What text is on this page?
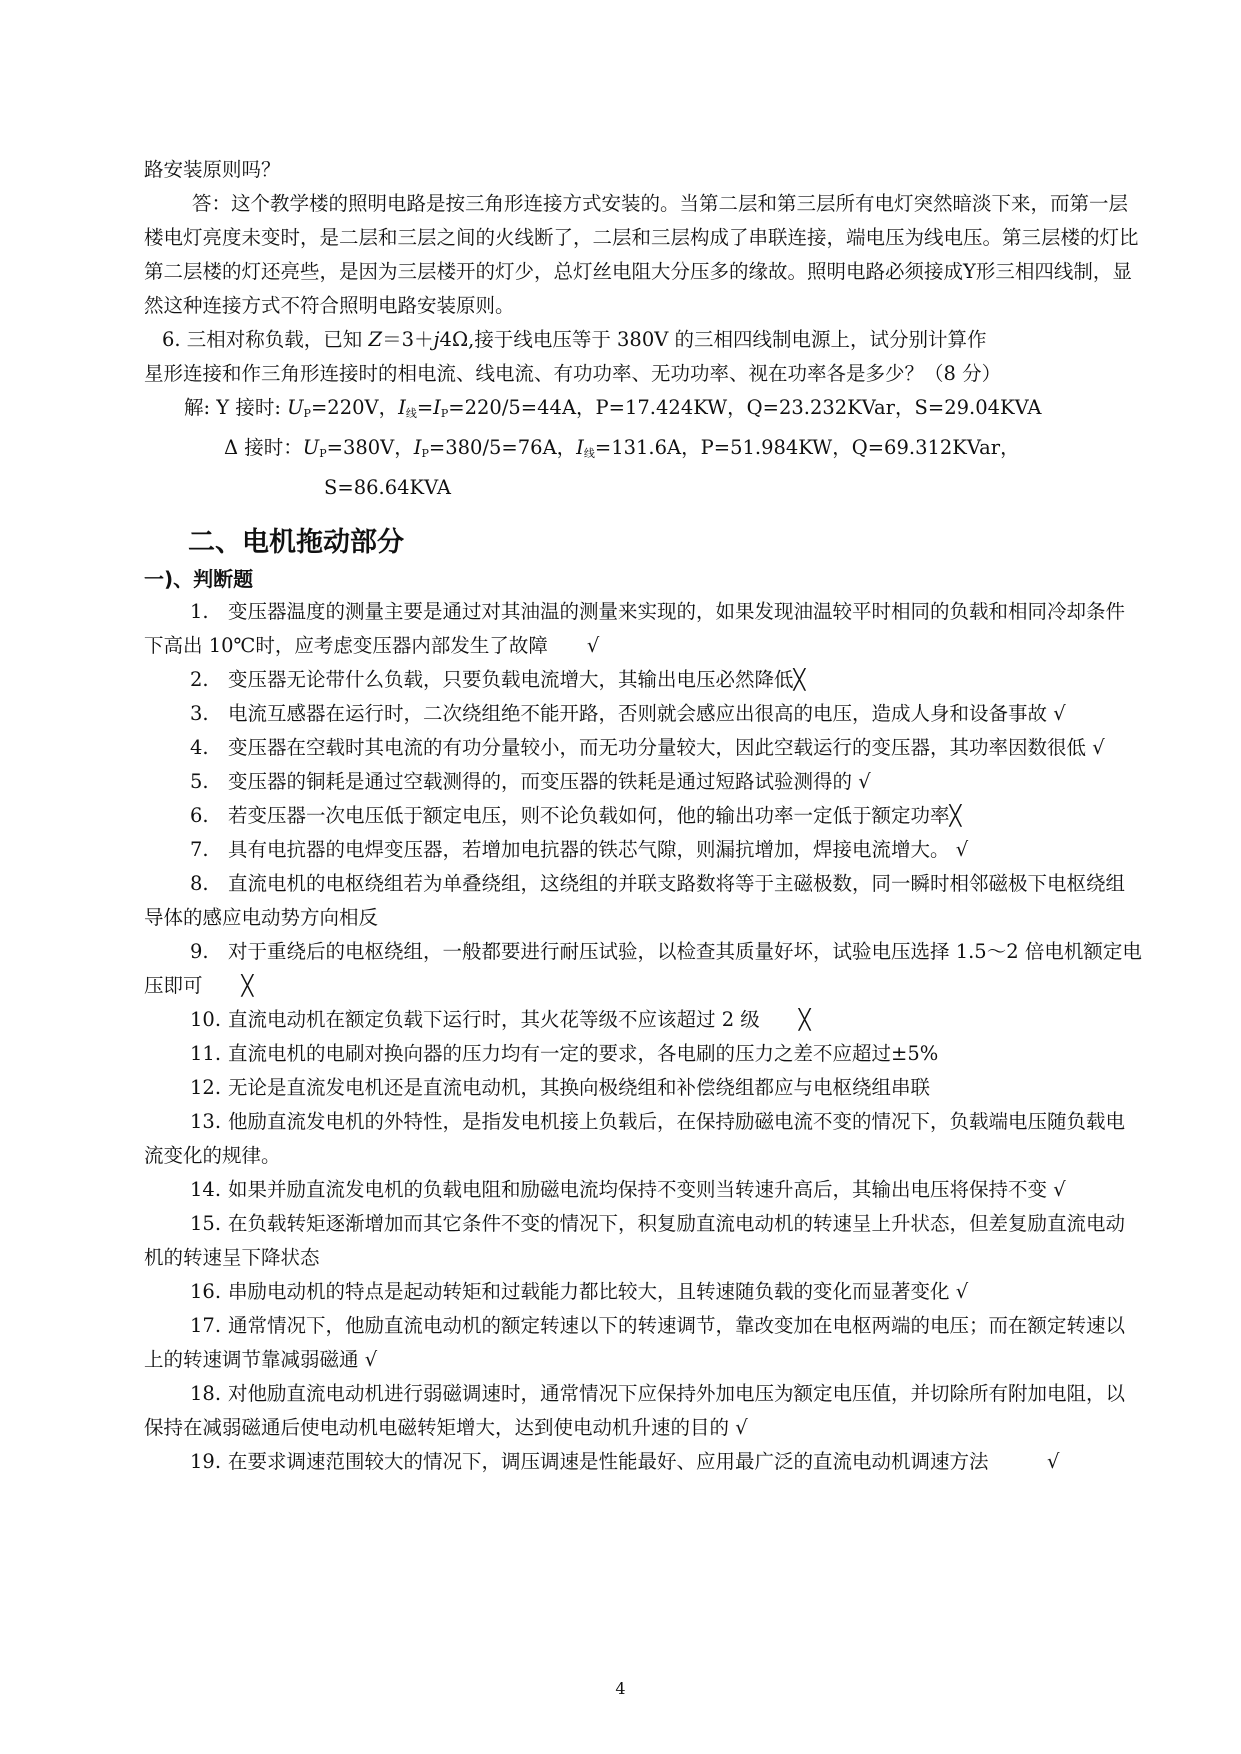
路安装原则吗？

答：这个教学楼的照明电路是按三角形连接方式安装的。当第二层和第三层所有电灯突然暗淡下来，而第一层楼电灯亮度未变时，是二层和三层之间的火线断了，二层和三层构成了串联连接，端电压为线电压。第三层楼的灯比第二层楼的灯还亮些，是因为三层楼开的灯少，总灯丝电阻大分压多的缘故。照明电路必须接成Y形三相四线制，显然这种连接方式不符合照明电路安装原则。

6. 三相对称负载，已知 Z＝3＋j4Ω,接于线电压等于 380V 的三相四线制电源上，试分别计算作

星形连接和作三角形连接时的相电流、线电流、有功功率、无功功率、视在功率各是多少？（8 分）

解: Y 接时: $U_P=220V$，$I_线=I_P=220/5=44A$，P=17.424KW，Q=23.232KVar，S=29.04KVA

Δ 接时：$U_P=380V$，$I_P=380/5=76A$，$I_线=131.6A$，P=51.984KW，Q=69.312KVar，

S=86.64KVA

二、电机拖动部分

一)、判断题

1. 变压器温度的测量主要是通过对其油温的测量来实现的，如果发现油温较平时相同的负载和相同冷却条件下高出 10℃时，应考虑变压器内部发生了故障　　√

2. 变压器无论带什么负载，只要负载电流增大，其输出电压必然降低╳

3. 电流互感器在运行时，二次绕组绝不能开路，否则就会感应出很高的电压，造成人身和设备事故 √

4. 变压器在空载时其电流的有功分量较小，而无功分量较大，因此空载运行的变压器，其功率因数很低 √

5. 变压器的铜耗是通过空载测得的，而变压器的铁耗是通过短路试验测得的 √

6. 若变压器一次电压低于额定电压，则不论负载如何，他的输出功率一定低于额定功率╳

7. 具有电抗器的电焊变压器，若增加电抗器的铁芯气隙，则漏抗增加，焊接电流增大。 √

8. 直流电机的电枢绕组若为单叠绕组，这绕组的并联支路数将等于主磁极数，同一瞬时相邻磁极下电枢绕组导体的感应电动势方向相反

9. 对于重绕后的电枢绕组，一般都要进行耐压试验，以检查其质量好坏，试验电压选择 1.5～2 倍电机额定电压即可　　╳

10. 直流电动机在额定负载下运行时，其火花等级不应该超过 2 级　　╳

11. 直流电机的电刷对换向器的压力均有一定的要求，各电刷的压力之差不应超过±5%

12. 无论是直流发电机还是直流电动机，其换向极绕组和补偿绕组都应与电枢绕组串联

13. 他励直流发电机的外特性，是指发电机接上负载后，在保持励磁电流不变的情况下，负载端电压随负载电流变化的规律。

14. 如果并励直流发电机的负载电阻和励磁电流均保持不变则当转速升高后，其输出电压将保持不变 √

15. 在负载转矩逐渐增加而其它条件不变的情况下，积复励直流电动机的转速呈上升状态，但差复励直流电动机的转速呈下降状态

16. 串励电动机的特点是起动转矩和过载能力都比较大，且转速随负载的变化而显著变化 √

17. 通常情况下，他励直流电动机的额定转速以下的转速调节，靠改变加在电枢两端的电压；而在额定转速以上的转速调节靠减弱磁通 √

18. 对他励直流电动机进行弱磁调速时，通常情况下应保持外加电压为额定电压值，并切除所有附加电阻，以保持在减弱磁通后使电动机电磁转矩增大，达到使电动机升速的目的 √

19. 在要求调速范围较大的情况下，调压调速是性能最好、应用最广泛的直流电动机调速方法　　　√

4
